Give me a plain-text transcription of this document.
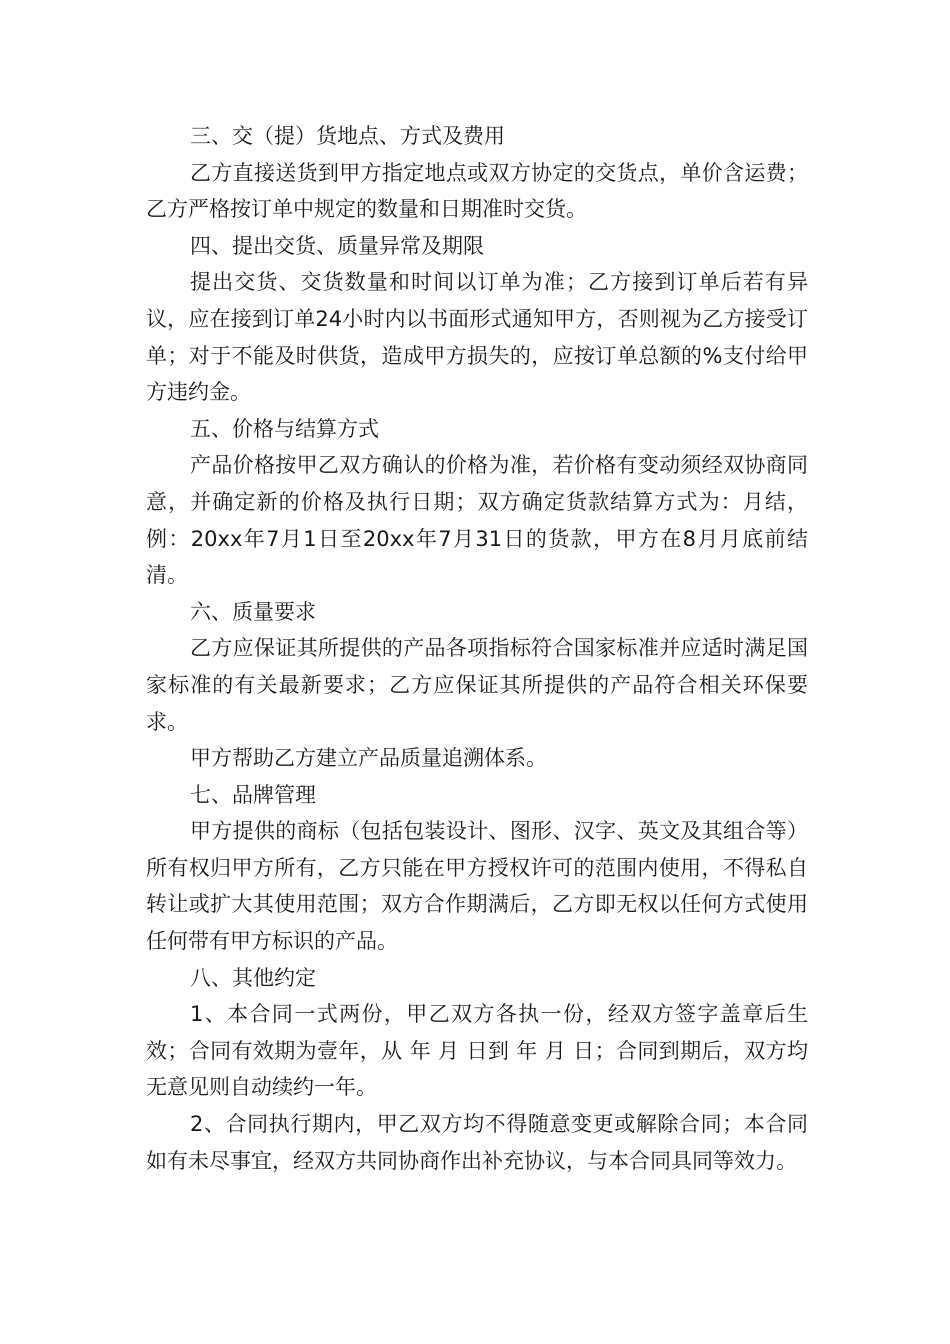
三、交（提）货地点、方式及费用

乙方直接送货到甲方指定地点或双方协定的交货点，单价含运费；乙方严格按订单中规定的数量和日期准时交货。

四、提出交货、质量异常及期限

提出交货、交货数量和时间以订单为准；乙方接到订单后若有异议，应在接到订单24小时内以书面形式通知甲方，否则视为乙方接受订单；对于不能及时供货，造成甲方损失的，应按订单总额的%支付给甲方违约金。

五、价格与结算方式

产品价格按甲乙双方确认的价格为准，若价格有变动须经双协商同意，并确定新的价格及执行日期；双方确定货款结算方式为：月结，例：20xx年7月1日至20xx年7月31日的货款，甲方在8月月底前结清。

六、质量要求

乙方应保证其所提供的产品各项指标符合国家标准并应适时满足国家标准的有关最新要求；乙方应保证其所提供的产品符合相关环保要求。

甲方帮助乙方建立产品质量追溯体系。

七、品牌管理

甲方提供的商标（包括包装设计、图形、汉字、英文及其组合等）所有权归甲方所有，乙方只能在甲方授权许可的范围内使用，不得私自转让或扩大其使用范围；双方合作期满后，乙方即无权以任何方式使用任何带有甲方标识的产品。

八、其他约定

1、本合同一式两份，甲乙双方各执一份，经双方签字盖章后生效；合同有效期为壹年，从 年 月 日到 年 月 日；合同到期后，双方均无意见则自动续约一年。

2、合同执行期内，甲乙双方均不得随意变更或解除合同；本合同如有未尽事宜，经双方共同协商作出补充协议，与本合同具同等效力。
